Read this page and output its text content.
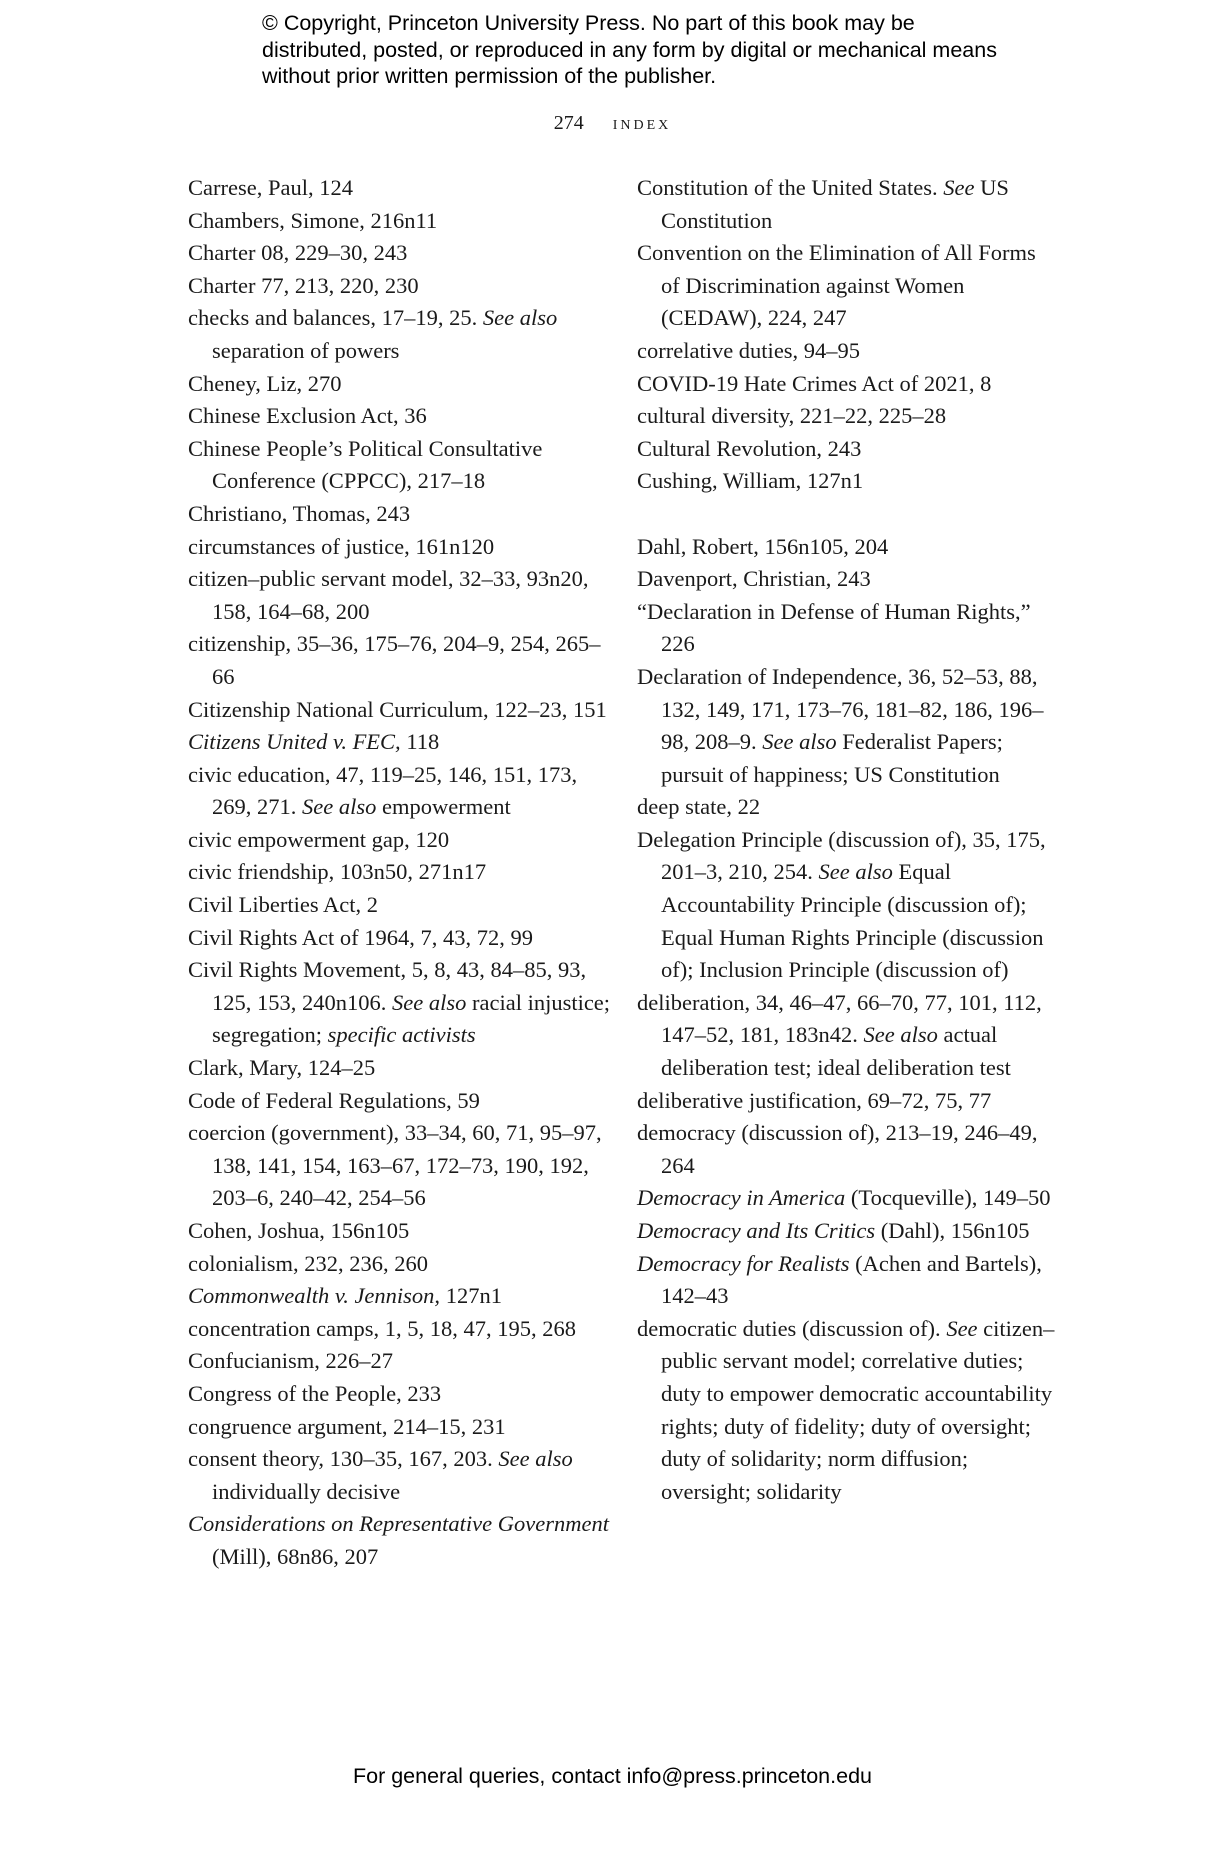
© Copyright, Princeton University Press. No part of this book may be distributed, posted, or reproduced in any form by digital or mechanical means without prior written permission of the publisher.

274 index

Carrese, Paul, 124

Chambers, Simone, 216n11

Charter 08, 229–30, 243

Charter 77, 213, 220, 230

checks and balances, 17–19, 25. See also separation of powers

Cheney, Liz, 270

Chinese Exclusion Act, 36

Chinese People’s Political Consultative Conference (CPPCC), 217–18

Christiano, Thomas, 243

circumstances of justice, 161n120

citizen–public servant model, 32–33, 93n20, 158, 164–68, 200

citizenship, 35–36, 175–76, 204–9, 254, 265–66

Citizenship National Curriculum, 122–23, 151

Citizens United v. FEC, 118

civic education, 47, 119–25, 146, 151, 173, 269, 271. See also empowerment

civic empowerment gap, 120

civic friendship, 103n50, 271n17

Civil Liberties Act, 2

Civil Rights Act of 1964, 7, 43, 72, 99

Civil Rights Movement, 5, 8, 43, 84–85, 93, 125, 153, 240n106. See also racial injustice; segregation; specific activists

Clark, Mary, 124–25

Code of Federal Regulations, 59

coercion (government), 33–34, 60, 71, 95–97, 138, 141, 154, 163–67, 172–73, 190, 192, 203–6, 240–42, 254–56

Cohen, Joshua, 156n105

colonialism, 232, 236, 260

Commonwealth v. Jennison, 127n1

concentration camps, 1, 5, 18, 47, 195, 268

Confucianism, 226–27

Congress of the People, 233

congruence argument, 214–15, 231

consent theory, 130–35, 167, 203. See also individually decisive

Considerations on Representative Government (Mill), 68n86, 207

Constitution of the United States. See US Constitution

Convention on the Elimination of All Forms of Discrimination against Women (CEDAW), 224, 247

correlative duties, 94–95

COVID-19 Hate Crimes Act of 2021, 8

cultural diversity, 221–22, 225–28

Cultural Revolution, 243

Cushing, William, 127n1

Dahl, Robert, 156n105, 204

Davenport, Christian, 243

“Declaration in Defense of Human Rights,” 226

Declaration of Independence, 36, 52–53, 88, 132, 149, 171, 173–76, 181–82, 186, 196–98, 208–9. See also Federalist Papers; pursuit of happiness; US Constitution

deep state, 22

Delegation Principle (discussion of), 35, 175, 201–3, 210, 254. See also Equal Accountability Principle (discussion of); Equal Human Rights Principle (discussion of); Inclusion Principle (discussion of)

deliberation, 34, 46–47, 66–70, 77, 101, 112, 147–52, 181, 183n42. See also actual deliberation test; ideal deliberation test

deliberative justification, 69–72, 75, 77

democracy (discussion of), 213–19, 246–49, 264

Democracy in America (Tocqueville), 149–50

Democracy and Its Critics (Dahl), 156n105

Democracy for Realists (Achen and Bartels), 142–43

democratic duties (discussion of). See citizen–public servant model; correlative duties; duty to empower democratic accountability rights; duty of fidelity; duty of oversight; duty of solidarity; norm diffusion; oversight; solidarity

For general queries, contact info@press.princeton.edu
